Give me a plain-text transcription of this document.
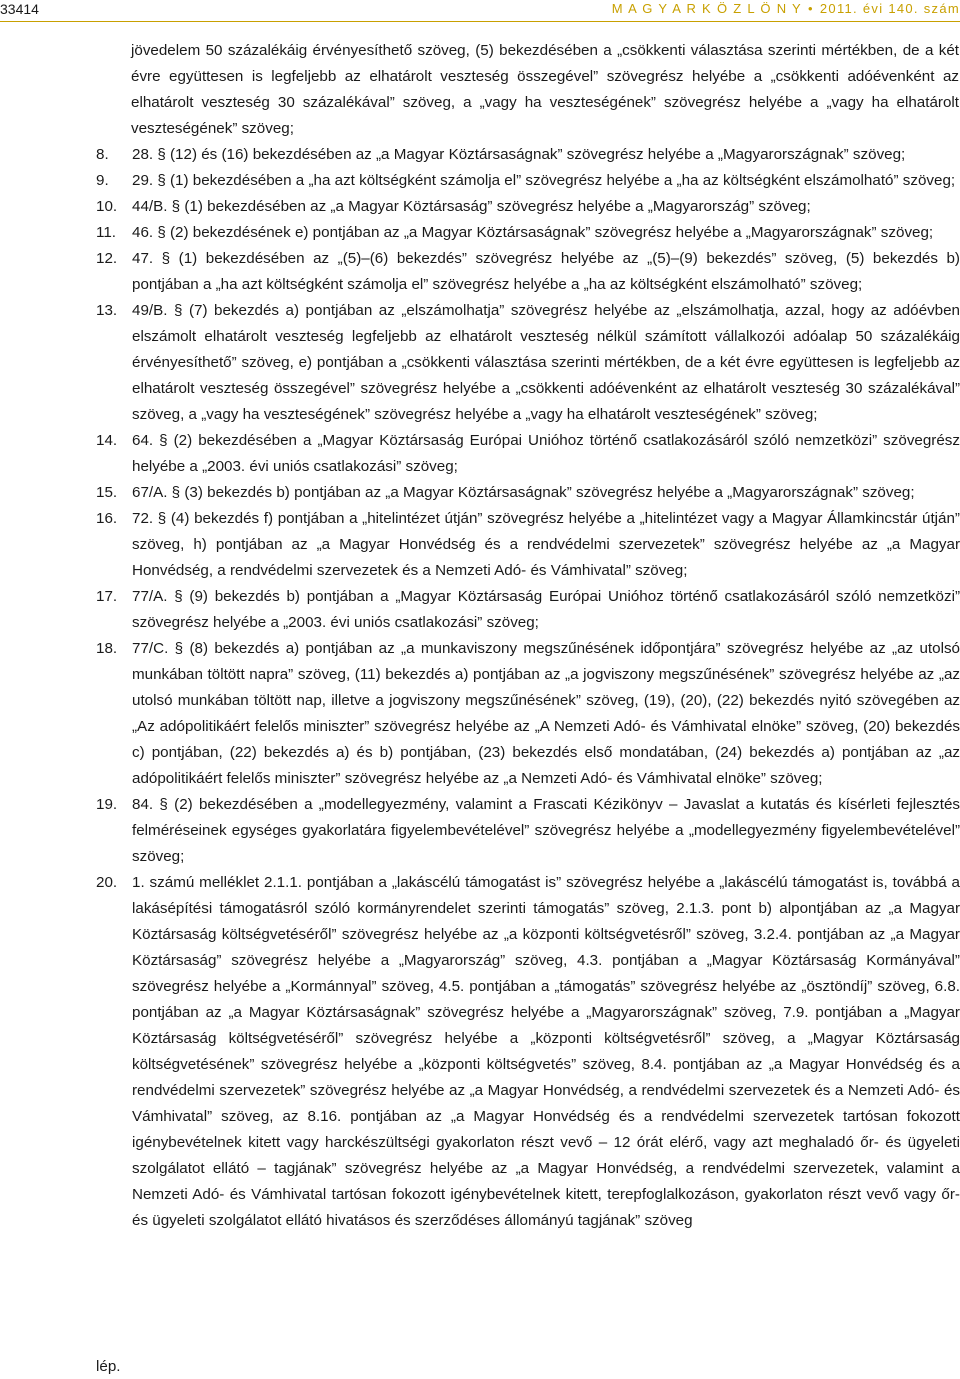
33414	M A G Y A R K Ö Z L Ö N Y • 2011. évi 140. szám

jövedelem 50 százalékáig érvényesíthető szöveg, (5) bekezdésében a „csökkenti választása szerinti mértékben, de a két évre együttesen is legfeljebb az elhatárolt veszteség összegével” szövegrész helyébe a „csökkenti adóévenként az elhatárolt veszteség 30 százalékával” szöveg, a „vagy ha veszteségének” szövegrész helyébe a „vagy ha elhatárolt veszteségének” szöveg;

8.	28. § (12) és (16) bekezdésében az „a Magyar Köztársaságnak” szövegrész helyébe a „Magyarországnak” szöveg;

9.	29. § (1) bekezdésében a „ha azt költségként számolja el” szövegrész helyébe a „ha az költségként elszámolható” szöveg;

10. 44/B. § (1) bekezdésében az „a Magyar Köztársaság” szövegrész helyébe a „Magyarország” szöveg;

11.	46. § (2) bekezdésének e) pontjában az „a Magyar Köztársaságnak” szövegrész helyébe a „Magyarországnak” szöveg;

12. 47. § (1) bekezdésében az „(5)–(6) bekezdés” szövegrész helyébe az „(5)–(9) bekezdés” szöveg, (5) bekezdés b) pontjában a „ha azt költségként számolja el” szövegrész helyébe a „ha az költségként elszámolható” szöveg;

13. 49/B. § (7) bekezdés a) pontjában az „elszámolhatja” szövegrész helyébe az „elszámolhatja, azzal, hogy az adóévben elszámolt elhatárolt veszteség legfeljebb az elhatárolt veszteség nélkül számított vállalkozói adóalap 50 százalékáig érvényesíthető” szöveg, e) pontjában a „csökkenti választása szerinti mértékben, de a két évre együttesen is legfeljebb az elhatárolt veszteség összegével” szövegrész helyébe a „csökkenti adóévenként az elhatárolt veszteség 30 százalékával” szöveg, a „vagy ha veszteségének” szövegrész helyébe a „vagy ha elhatárolt veszteségének” szöveg;

14. 64. § (2) bekezdésében a „Magyar Köztársaság Európai Unióhoz történő csatlakozásáról szóló nemzetközi” szövegrész helyébe a „2003. évi uniós csatlakozási” szöveg;

15. 67/A. § (3) bekezdés b) pontjában az „a Magyar Köztársaságnak” szövegrész helyébe a „Magyarországnak” szöveg;

16. 72. § (4) bekezdés f) pontjában a „hitelintézet útján” szövegrész helyébe a „hitelintézet vagy a Magyar Államkincstár útján” szöveg, h) pontjában az „a Magyar Honvédség és a rendvédelmi szervezetek” szövegrész helyébe az „a Magyar Honvédség, a rendvédelmi szervezetek és a Nemzeti Adó- és Vámhivatal” szöveg;

17. 77/A. § (9) bekezdés b) pontjában a „Magyar Köztársaság Európai Unióhoz történő csatlakozásáról szóló nemzetközi” szövegrész helyébe a „2003. évi uniós csatlakozási” szöveg;

18. 77/C. § (8) bekezdés a) pontjában az „a munkaviszony megszűnésének időpontjára” szövegrész helyébe az „az utolsó munkában töltött napra” szöveg, (11) bekezdés a) pontjában az „a jogviszony megszűnésének” szövegrész helyébe az „az utolsó munkában töltött nap, illetve a jogviszony megszűnésének” szöveg, (19), (20), (22) bekezdés nyitó szövegében az „Az adópolitikáért felelős miniszter” szövegrész helyébe az „A Nemzeti Adó- és Vámhivatal elnöke” szöveg, (20) bekezdés c) pontjában, (22) bekezdés a) és b) pontjában, (23) bekezdés első mondatában, (24) bekezdés a) pontjában az „az adópolitikáért felelős miniszter” szövegrész helyébe az „a Nemzeti Adó- és Vámhivatal elnöke” szöveg;

19. 84. § (2) bekezdésében a „modellegyezmény, valamint a Frascati Kézikönyv – Javaslat a kutatás és kísérleti fejlesztés felméréseinek egységes gyakorlatára figyelembevételével” szövegrész helyébe a „modellegyezmény figyelembevételével” szöveg;

20. 1. számú melléklet 2.1.1. pontjában a „lakáscélú támogatást is” szövegrész helyébe a „lakáscélú támogatást is, továbbá a lakásépítési támogatásról szóló kormányrendelet szerinti támogatás” szöveg, 2.1.3. pont b) alpontjában az „a Magyar Köztársaság költségvetéséről” szövegrész helyébe az „a központi költségvetésről” szöveg, 3.2.4. pontjában az „a Magyar Köztársaság” szövegrész helyébe a „Magyarország” szöveg, 4.3. pontjában a „Magyar Köztársaság Kormányával” szövegrész helyébe a „Kormánnyal” szöveg, 4.5. pontjában a „támogatás” szövegrész helyébe az „ösztöndíj” szöveg, 6.8. pontjában az „a Magyar Köztársaságnak” szövegrész helyébe a „Magyarországnak” szöveg, 7.9. pontjában a „Magyar Köztársaság költségvetéséről” szövegrész helyébe a „központi költségvetésről” szöveg, a „Magyar Köztársaság költségvetésének” szövegrész helyébe a „központi költségvetés” szöveg, 8.4. pontjában az „a Magyar Honvédség és a rendvédelmi szervezetek” szövegrész helyébe az „a Magyar Honvédség, a rendvédelmi szervezetek és a Nemzeti Adó- és Vámhivatal” szöveg, az 8.16. pontjában az „a Magyar Honvédség és a rendvédelmi szervezetek tartósan fokozott igénybevételnek kitett vagy harckészültségi gyakorlaton részt vevő – 12 órát elérő, vagy azt meghaladó őr- és ügyeleti szolgálatot ellátó – tagjának” szövegrész helyébe az „a Magyar Honvédség, a rendvédelmi szervezetek, valamint a Nemzeti Adó- és Vámhivatal tartósan fokozott igénybevételnek kitett, terepfoglalkozáson, gyakorlaton részt vevő vagy őr- és ügyeleti szolgálatot ellátó hivatásos és szerződéses állományú tagjának” szöveg

lép.
